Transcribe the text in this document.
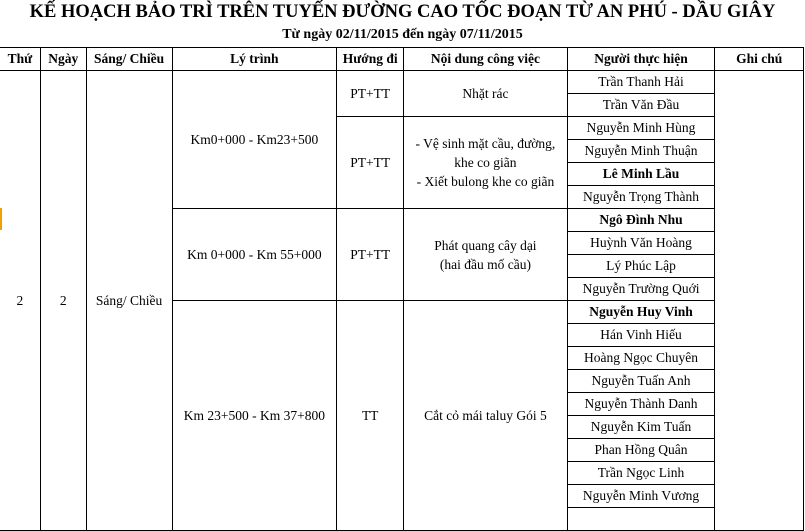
KẾ HOẠCH BẢO TRÌ TRÊN TUYẾN ĐƯỜNG CAO TỐC ĐOẠN TỪ AN PHÚ - DẦU GIÂY
Từ ngày 02/11/2015 đến ngày 07/11/2015
Thứ	Ngày	Sáng/ Chiều	Lý trình	Hướng đi	Nội dung công việc	Người thực hiện	Ghi chú
2	2	Sáng/ Chiều	Km0+000 - Km23+500	PT+TT	Nhặt rác	Trần Thanh Hải	
						Trần Văn Đầu	
				PT+TT	- Vệ sinh mặt cầu, đường,
khe co giãn
- Xiết bulong khe co giãn	Nguyễn Minh Hùng	
						Nguyễn Minh Thuận	
						Lê Minh Lầu	
						Nguyễn Trọng Thành	
			Km 0+000 - Km 55+000	PT+TT	Phát quang cây dại
(hai đầu mố cầu)	Ngô Đình Nhu	
						Huỳnh Văn Hoàng	
						Lý Phúc Lập	
						Nguyễn Trường Quới	
			Km 23+500 - Km 37+800	TT	Cắt cỏ mái taluy Gói 5	Nguyễn Huy Vinh	
						Hán Vinh Hiếu	
						Hoàng Ngọc Chuyên	
						Nguyễn Tuấn Anh	
						Nguyễn Thành Danh	
						Nguyễn Kim Tuấn	
						Phan Hồng Quân	
						Trần Ngọc Linh	
						Nguyễn Minh Vương	
